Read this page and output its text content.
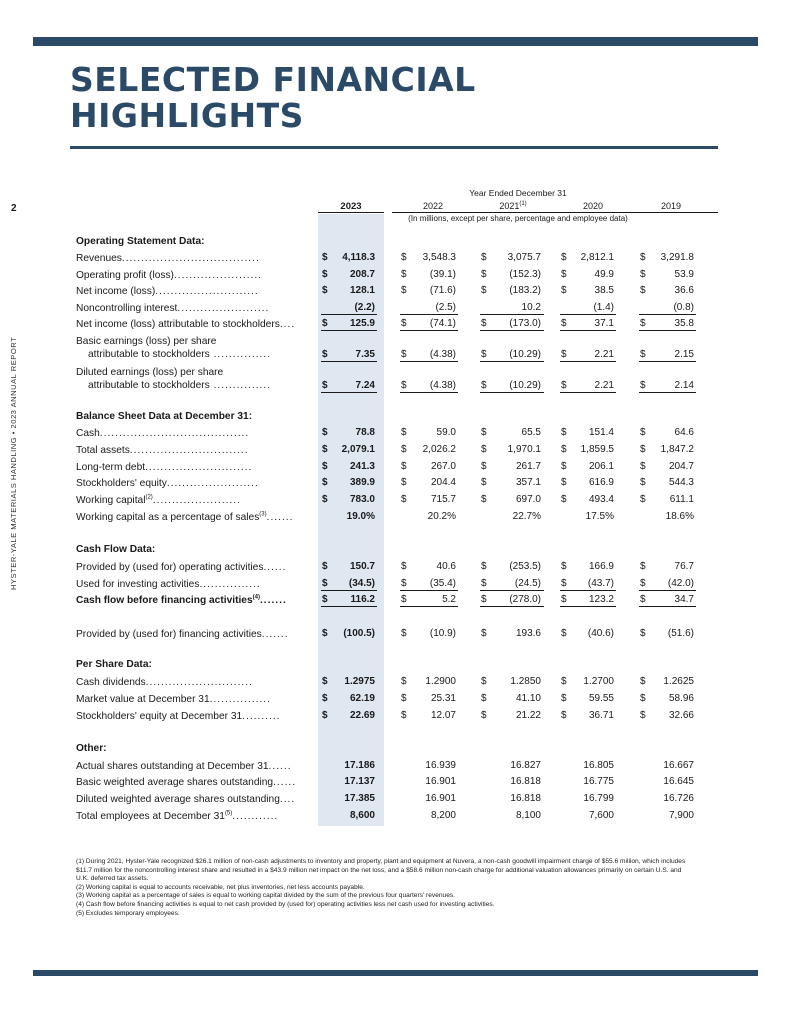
SELECTED FINANCIAL
HIGHLIGHTS
2
HYSTER-YALE MATERIALS HANDLING • 2023 ANNUAL REPORT
Year Ended December 31
2023	2022	2021$^{(1)}$	2020	2019
(In millions, except per share, percentage and employee data)
Operating Statement Data:
Balance Sheet Data at December 31:
Cash Flow Data:
Per Share Data:
Other:
Revenues....................................	$	4,118.3	$	3,548.3	$	3,075.7 $	2,812.1	$	3,291.8
Operating profit (loss).......................	$	208.7	$	(39.1)	$	(152.3) $	49.9	$	53.9
Net income (loss)...........................	$	128.1	$	(71.6)	$	(183.2) $	38.5	$	36.6
Noncontrolling interest........................	(2.2)	(2.5)	10.2	(1.4)	(0.8)
Net income (loss) attributable to stockholders....	$	125.9	$	(74.1)	$	(173.0) $	37.1	$	35.8
Basic earnings (loss) per share
attributable to stockholders ...............	$	7.35	$	(4.38)	$	(10.29) $	2.21	$	2.15
Diluted earnings (loss) per share
attributable to stockholders ...............	$	7.24	$	(4.38)	$	(10.29) $	2.21	$	2.14
Cash.......................................	$	78.8	$	59.0	$	65.5 $	151.4	$	64.6
Total assets...............................	$	2,079.1	$	2,026.2	$	1,970.1 $	1,859.5	$	1,847.2
Long-term debt............................	$	241.3	$	267.0	$	261.7 $	206.1	$	204.7
Stockholders' equity........................	$	389.9	$	204.4	$	357.1 $	616.9	$	544.3
Working capital$^{(2)}$.......................	$	783.0	$	715.7	$	697.0 $	493.4	$	611.1
Working capital as a percentage of sales$^{(3)}$.......	19.0%	20.2%	22.7%	17.5%	18.6%
Provided by (used for) operating activities......	$	150.7	$	40.6	$	(253.5) $	166.9	$	76.7
Used for investing activities................	$	(34.5)	$	(35.4)	$	(24.5) $	(43.7)	$	(42.0)
Cash flow before financing activities$^{(4)}$.......	$	116.2	$	5.2	$	(278.0) $	123.2	$	34.7
Provided by (used for) financing activities.......	$	(100.5)	$	(10.9)	$	193.6 $	(40.6)	$	(51.6)
Cash dividends............................	$	1.2975	$	1.2900	$	1.2850 $	1.2700	$	1.2625
Market value at December 31................	$	62.19	$	25.31	$	41.10 $	59.55	$	58.96
Stockholders' equity at December 31..........	$	22.69	$	12.07	$	21.22 $	36.71	$	32.66
Actual shares outstanding at December 31......	17.186	16.939	16.827	16.805	16.667
Basic weighted average shares outstanding......	17.137	16.901	16.818	16.775	16.645
Diluted weighted average shares outstanding....	17.385	16.901	16.818	16.799	16.726
Total employees at December 31$^{(5)}$............	8,600	8,200	8,100	7,600	7,900
(1) During 2021, Hyster-Yale recognized $26.1 million of non-cash adjustments to inventory and property, plant and equipment at Nuvera, a non-cash goodwill impairment charge of $55.6 million, which includes $11.7 million for the noncontrolling interest share and resulted in a $43.9 million net impact on the net loss, and a $58.6 million non-cash charge for additional valuation allowances primarily on certain U.S. and U.K. deferred tax assets.
(2) Working capital is equal to accounts receivable, net plus inventories, net less accounts payable.
(3) Working capital as a percentage of sales is equal to working capital divided by the sum of the previous four quarters' revenues.
(4) Cash flow before financing activities is equal to net cash provided by (used for) operating activities less net cash used for investing activities.
(5) Excludes temporary employees.
